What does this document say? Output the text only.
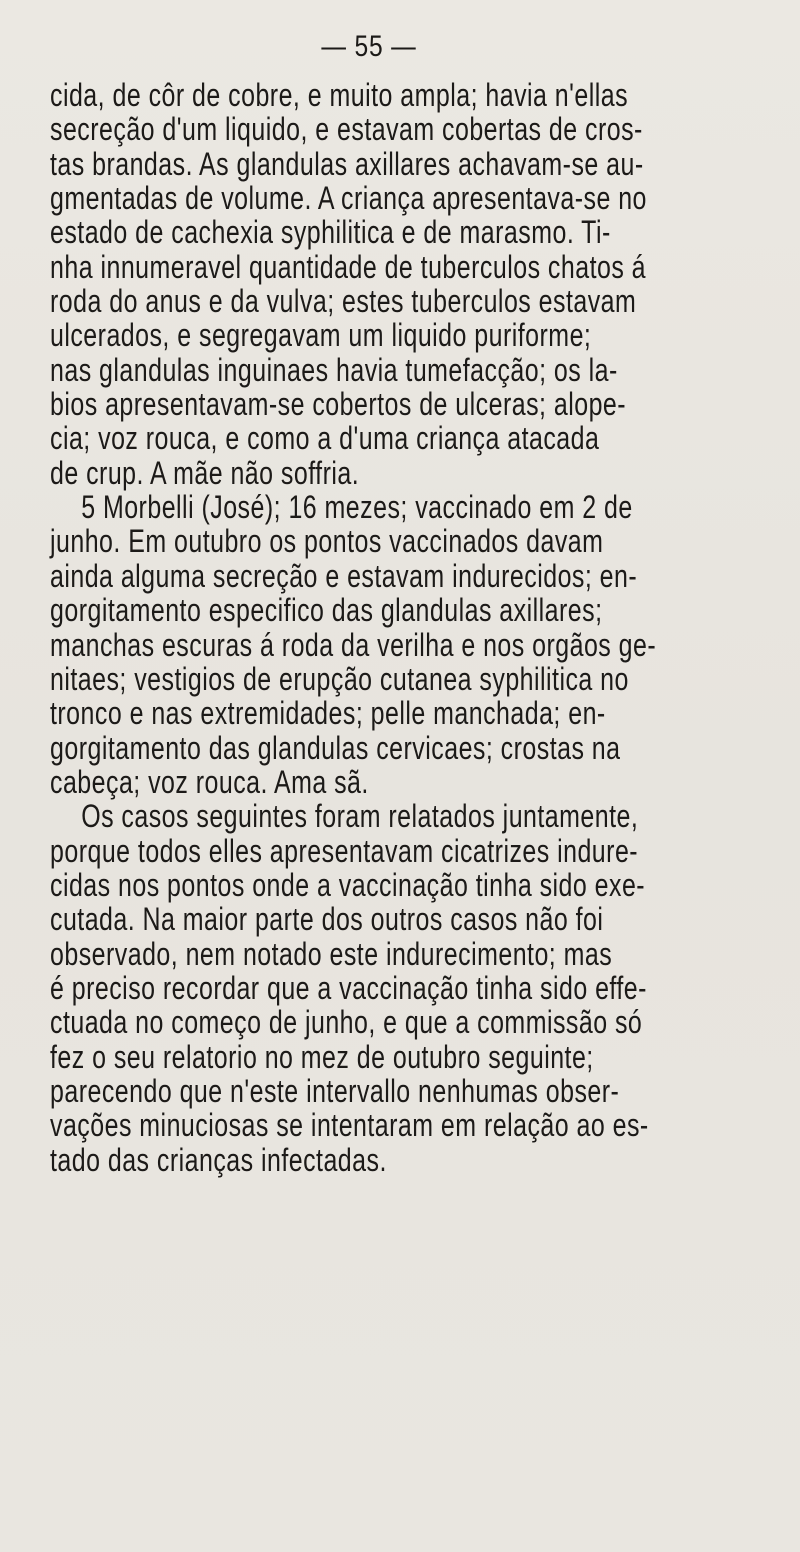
— 55 —
cida, de côr de cobre, e muito ampla; havia n'ellas
secreção d'um liquido, e estavam cobertas de cros-
tas brandas. As glandulas axillares achavam-se au-
gmentadas de volume. A criança apresentava-se no
estado de cachexia syphilitica e de marasmo. Ti-
nha innumeravel quantidade de tuberculos chatos á
roda do anus e da vulva; estes tuberculos estavam
ulcerados, e segregavam um liquido puriforme;
nas glandulas inguinaes havia tumefacção; os la-
bios apresentavam-se cobertos de ulceras; alope-
cia; voz rouca, e como a d'uma criança atacada
de crup. A mãe não soffria.
5 Morbelli (José); 16 mezes; vaccinado em 2 de
junho. Em outubro os pontos vaccinados davam
ainda alguma secreção e estavam indurecidos; en-
gorgitamento especifico das glandulas axillares;
manchas escuras á roda da verilha e nos orgãos ge-
nitaes; vestigios de erupção cutanea syphilitica no
tronco e nas extremidades; pelle manchada; en-
gorgitamento das glandulas cervicaes; crostas na
cabeça; voz rouca. Ama sã.
Os casos seguintes foram relatados juntamente,
porque todos elles apresentavam cicatrizes indure-
cidas nos pontos onde a vaccinação tinha sido exe-
cutada. Na maior parte dos outros casos não foi
observado, nem notado este indurecimento; mas
é preciso recordar que a vaccinação tinha sido effe-
ctuada no começo de junho, e que a commissão só
fez o seu relatorio no mez de outubro seguinte;
parecendo que n'este intervallo nenhumas obser-
vações minuciosas se intentaram em relação ao es-
tado das crianças infectadas.
